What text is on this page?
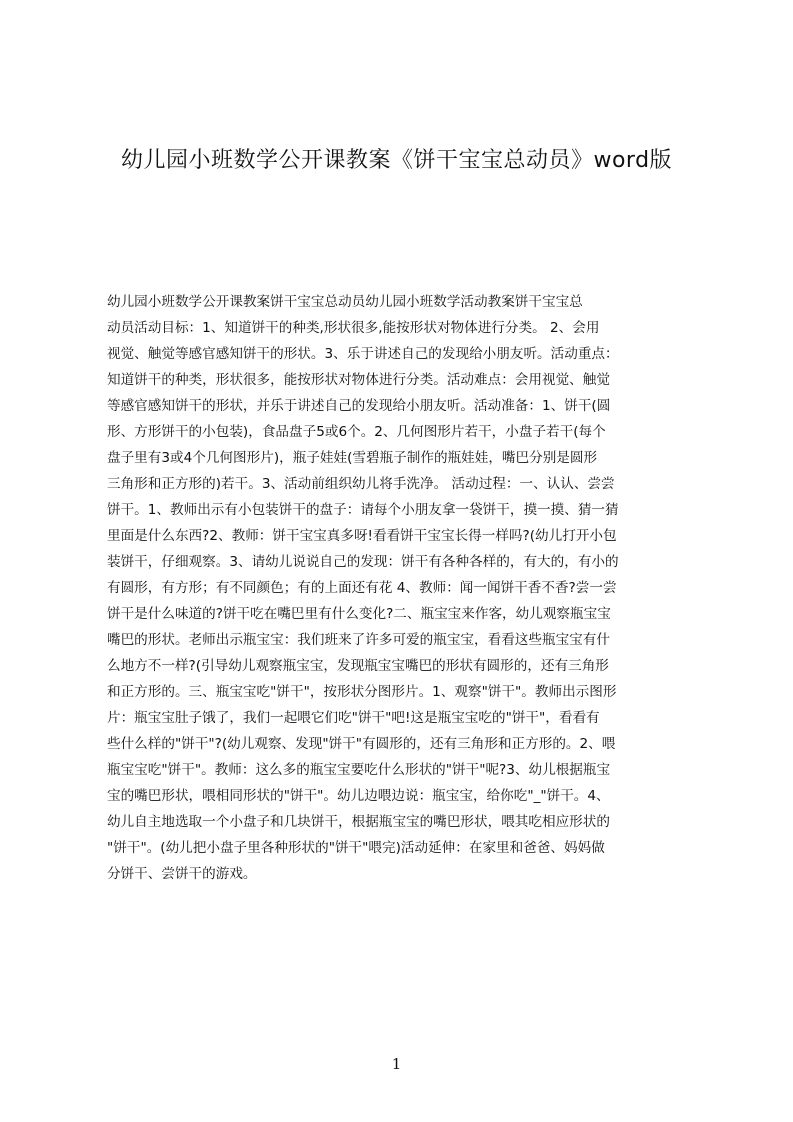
幼儿园小班数学公开课教案《饼干宝宝总动员》word版
幼儿园小班数学公开课教案饼干宝宝总动员幼儿园小班数学活动教案饼干宝宝总
动员活动目标：1、知道饼干的种类,形状很多,能按形状对物体进行分类。 2、会用
视觉、触觉等感官感知饼干的形状。3、乐于讲述自己的发现给小朋友听。活动重点：
知道饼干的种类，形状很多，能按形状对物体进行分类。活动难点：会用视觉、触觉
等感官感知饼干的形状，并乐于讲述自己的发现给小朋友听。活动准备：1、饼干(圆
形、方形饼干的小包装)，食品盘子5或6个。2、几何图形片若干，小盘子若干(每个
盘子里有3或4个几何图形片)，瓶子娃娃(雪碧瓶子制作的瓶娃娃，嘴巴分别是圆形
三角形和正方形的)若干。3、活动前组织幼儿将手洗净。 活动过程：一、认认、尝尝
饼干。1、教师出示有小包装饼干的盘子：请每个小朋友拿一袋饼干，摸一摸、猜一猜
里面是什么东西?2、教师：饼干宝宝真多呀!看看饼干宝宝长得一样吗?(幼儿打开小包
装饼干，仔细观察。3、请幼儿说说自己的发现：饼干有各种各样的，有大的，有小的
有圆形，有方形；有不同颜色；有的上面还有花 4、教师：闻一闻饼干香不香?尝一尝
饼干是什么味道的?饼干吃在嘴巴里有什么变化?二、瓶宝宝来作客，幼儿观察瓶宝宝
嘴巴的形状。老师出示瓶宝宝：我们班来了许多可爱的瓶宝宝，看看这些瓶宝宝有什
么地方不一样?(引导幼儿观察瓶宝宝，发现瓶宝宝嘴巴的形状有圆形的，还有三角形
和正方形的。三、瓶宝宝吃"饼干"，按形状分图形片。1、观察"饼干"。教师出示图形
片：瓶宝宝肚子饿了，我们一起喂它们吃"饼干"吧!这是瓶宝宝吃的"饼干"，看看有
些什么样的"饼干"?(幼儿观察、发现"饼干"有圆形的，还有三角形和正方形的。2、喂
瓶宝宝吃"饼干"。教师：这么多的瓶宝宝要吃什么形状的"饼干"呢?3、幼儿根据瓶宝
宝的嘴巴形状，喂相同形状的"饼干"。幼儿边喂边说：瓶宝宝，给你吃"_"饼干。4、
幼儿自主地选取一个小盘子和几块饼干，根据瓶宝宝的嘴巴形状，喂其吃相应形状的
"饼干"。(幼儿把小盘子里各种形状的"饼干"喂完)活动延伸：在家里和爸爸、妈妈做
分饼干、尝饼干的游戏。

1
